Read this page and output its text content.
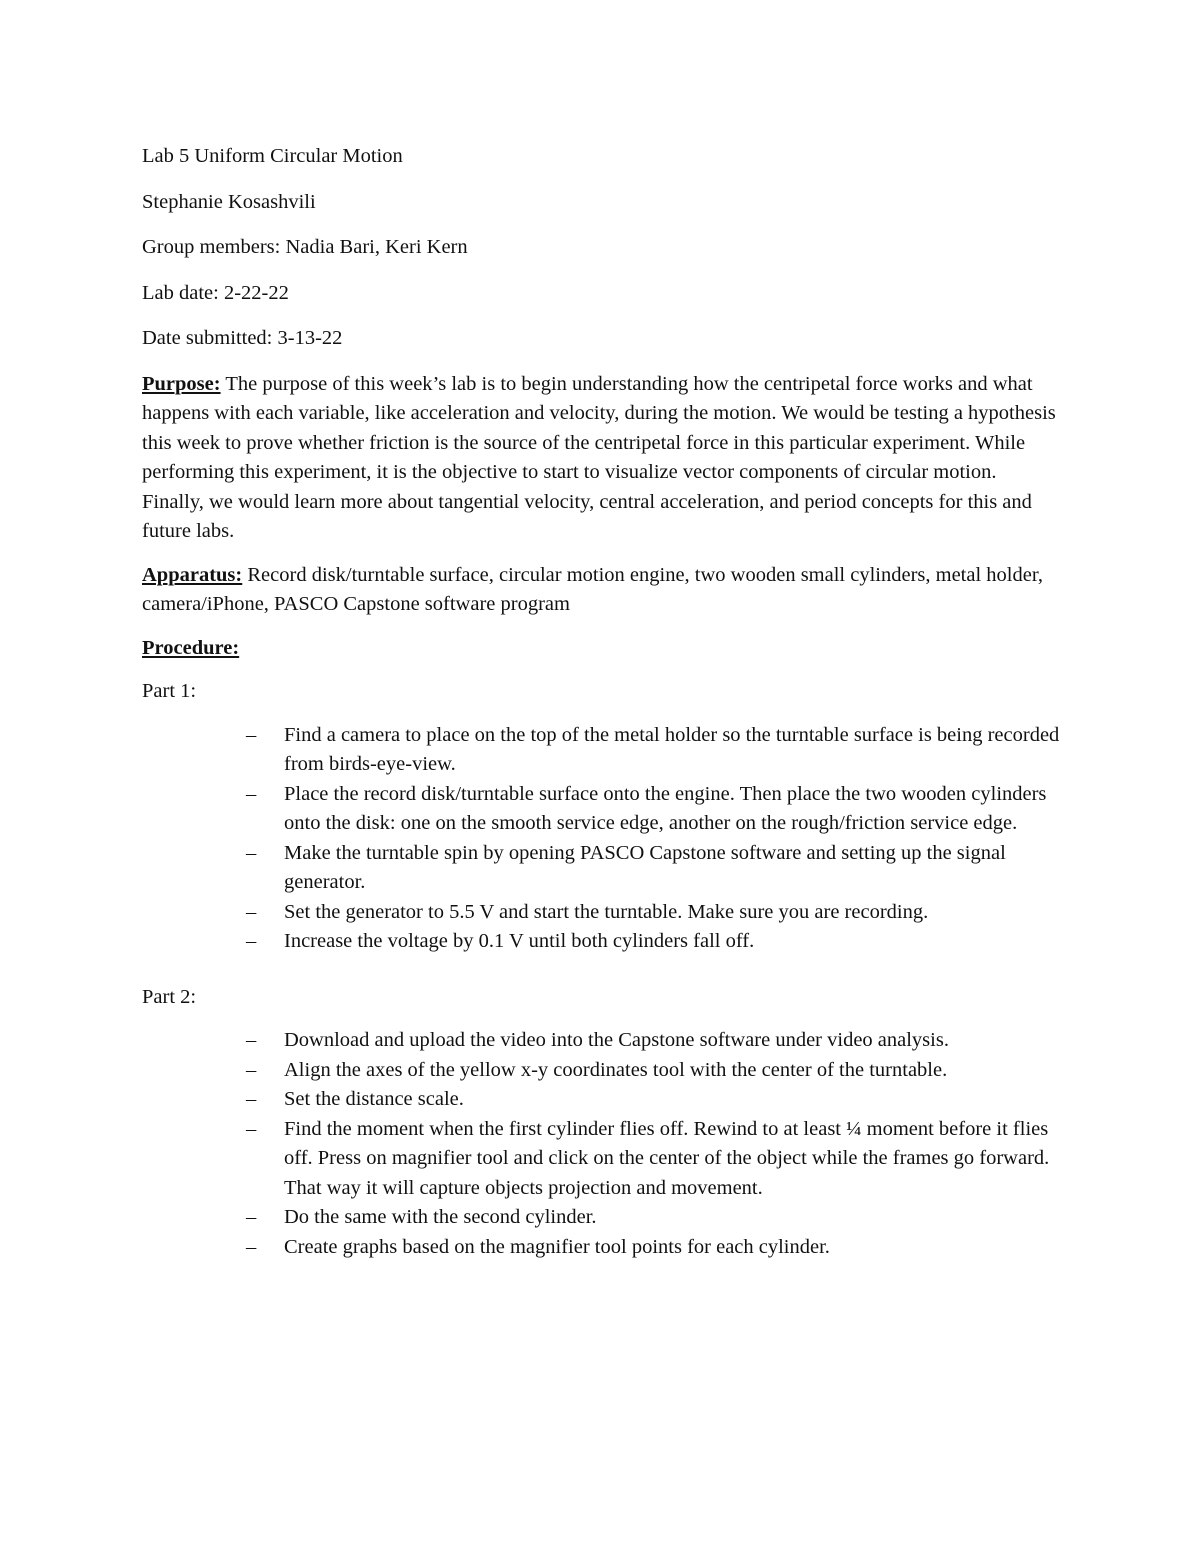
Lab 5 Uniform Circular Motion

Stephanie Kosashvili

Group members: Nadia Bari, Keri Kern

Lab date: 2-22-22

Date submitted: 3-13-22

Purpose: The purpose of this week’s lab is to begin understanding how the centripetal force works and what happens with each variable, like acceleration and velocity, during the motion. We would be testing a hypothesis this week to prove whether friction is the source of the centripetal force in this particular experiment. While performing this experiment, it is the objective to start to visualize vector components of circular motion. Finally, we would learn more about tangential velocity, central acceleration, and period concepts for this and future labs.

Apparatus: Record disk/turntable surface, circular motion engine, two wooden small cylinders, metal holder, camera/iPhone, PASCO Capstone software program

Procedure:

Part 1:

– Find a camera to place on the top of the metal holder so the turntable surface is being recorded from birds-eye-view.
– Place the record disk/turntable surface onto the engine. Then place the two wooden cylinders onto the disk: one on the smooth service edge, another on the rough/friction service edge.
– Make the turntable spin by opening PASCO Capstone software and setting up the signal generator.
– Set the generator to 5.5 V and start the turntable. Make sure you are recording.
– Increase the voltage by 0.1 V until both cylinders fall off.

Part 2:

– Download and upload the video into the Capstone software under video analysis.
– Align the axes of the yellow x-y coordinates tool with the center of the turntable.
– Set the distance scale.
– Find the moment when the first cylinder flies off. Rewind to at least ¼ moment before it flies off. Press on magnifier tool and click on the center of the object while the frames go forward. That way it will capture objects projection and movement.
– Do the same with the second cylinder.
– Create graphs based on the magnifier tool points for each cylinder.
